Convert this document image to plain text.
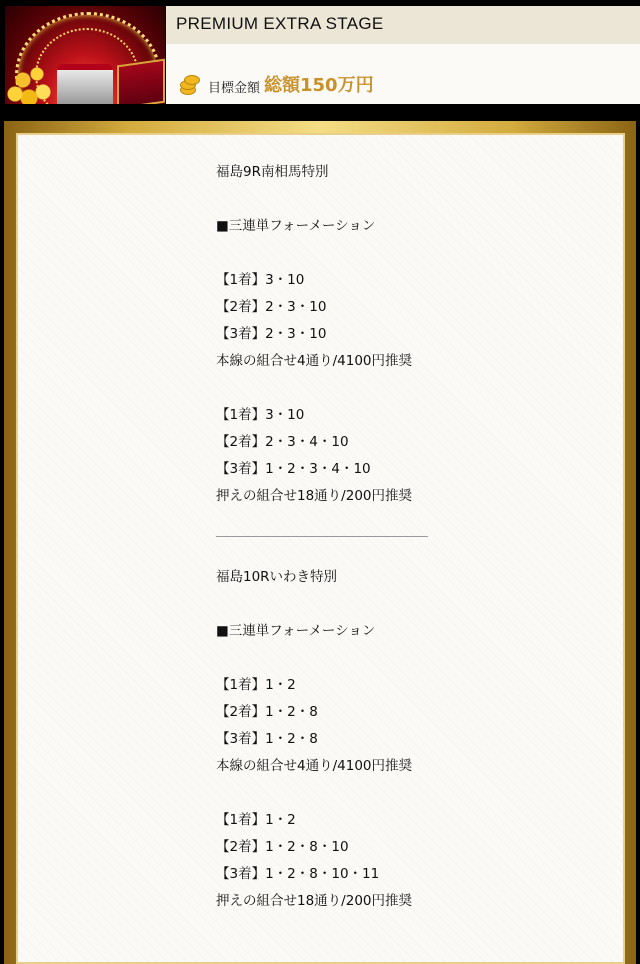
PREMIUM EXTRA STAGE
目標金額 総額150万円
福島9R南相馬特別
■三連単フォーメーション
【1着】3・10
【2着】2・3・10
【3着】2・3・10
本線の組合せ4通り/4100円推奨
【1着】3・10
【2着】2・3・4・10
【3着】1・2・3・4・10
押えの組合せ18通り/200円推奨
福島10Rいわき特別
■三連単フォーメーション
【1着】1・2
【2着】1・2・8
【3着】1・2・8
本線の組合せ4通り/4100円推奨
【1着】1・2
【2着】1・2・8・10
【3着】1・2・8・10・11
押えの組合せ18通り/200円推奨
